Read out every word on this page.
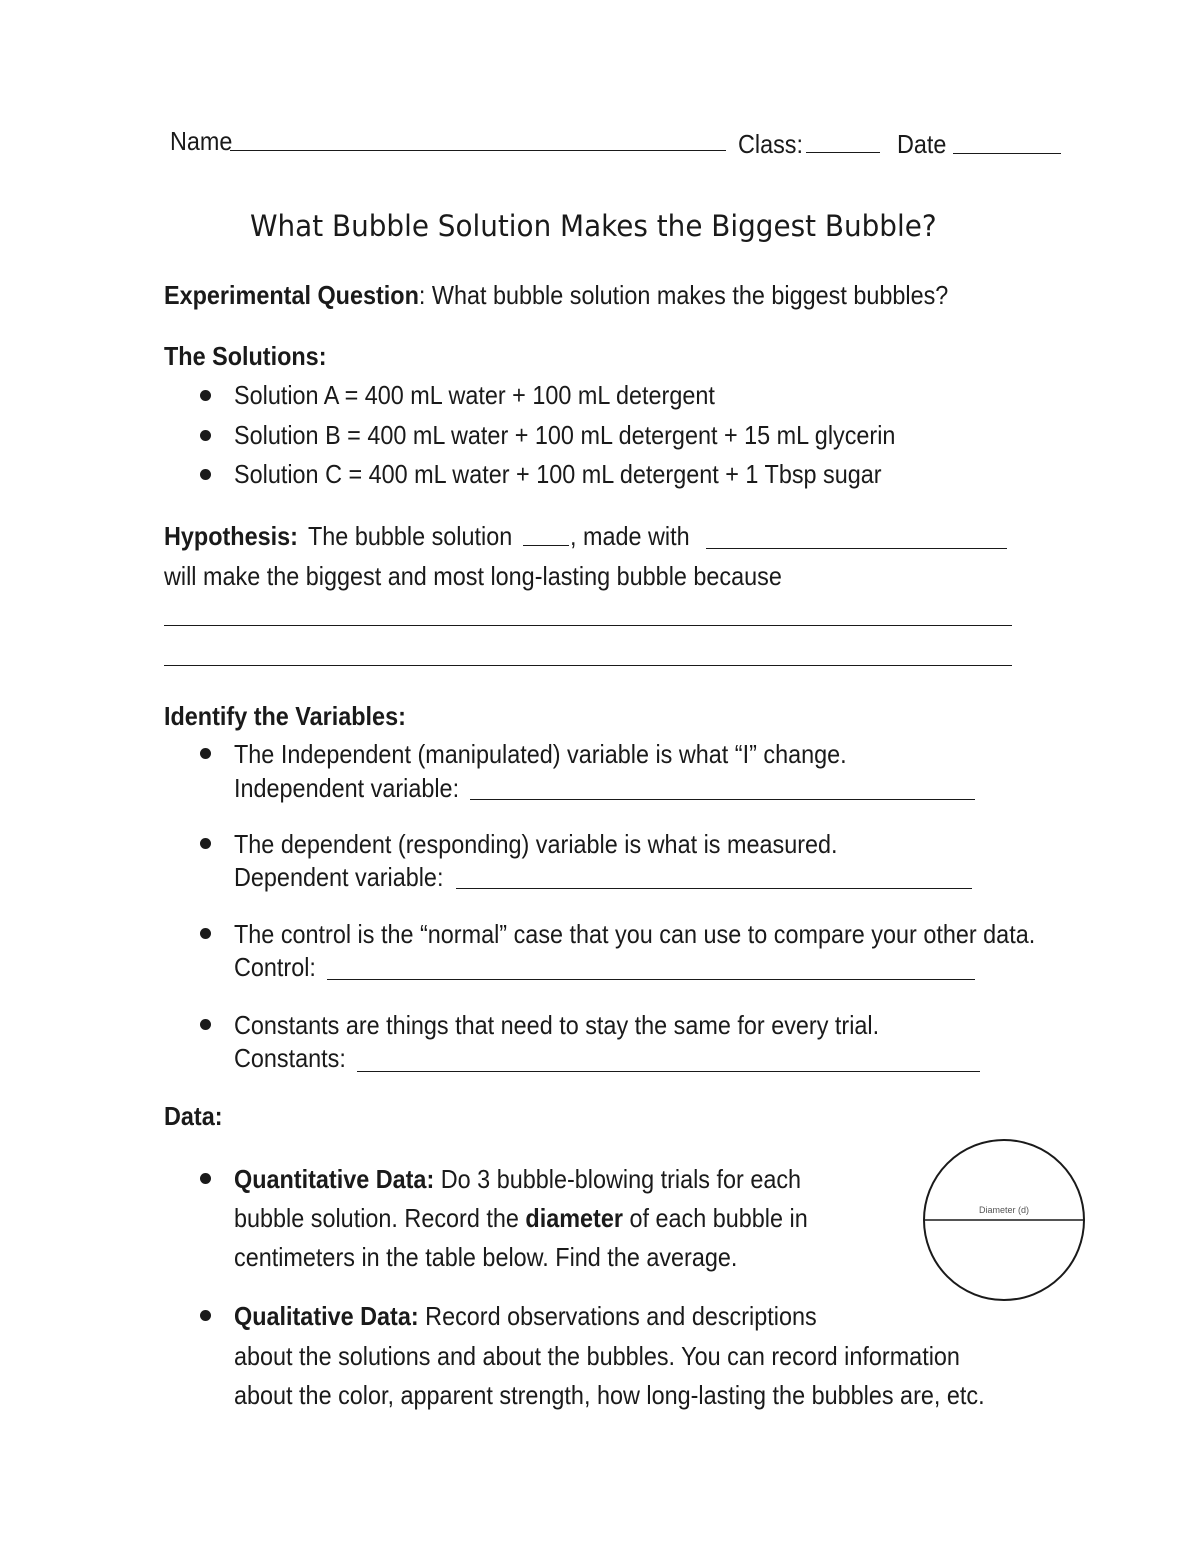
Name	Class:	Date
What Bubble Solution Makes the Biggest Bubble?
Experimental Question: What bubble solution makes the biggest bubbles?
The Solutions:
Solution A = 400 mL water + 100 mL detergent
Solution B = 400 mL water + 100 mL detergent + 15 mL glycerin
Solution C = 400 mL water + 100 mL detergent + 1 Tbsp sugar
Hypothesis: The bubble solution , made with
will make the biggest and most long-lasting bubble because
Identify the Variables:
The Independent (manipulated) variable is what “I” change.
Independent variable:
The dependent (responding) variable is what is measured.
Dependent variable:
The control is the “normal” case that you can use to compare your other data.
Control:
Constants are things that need to stay the same for every trial.
Constants:
Data:
Quantitative Data: Do 3 bubble-blowing trials for each
bubble solution. Record the diameter of each bubble in
centimeters in the table below. Find the average.
Diameter (d)
Qualitative Data: Record observations and descriptions
about the solutions and about the bubbles. You can record information
about the color, apparent strength, how long-lasting the bubbles are, etc.
